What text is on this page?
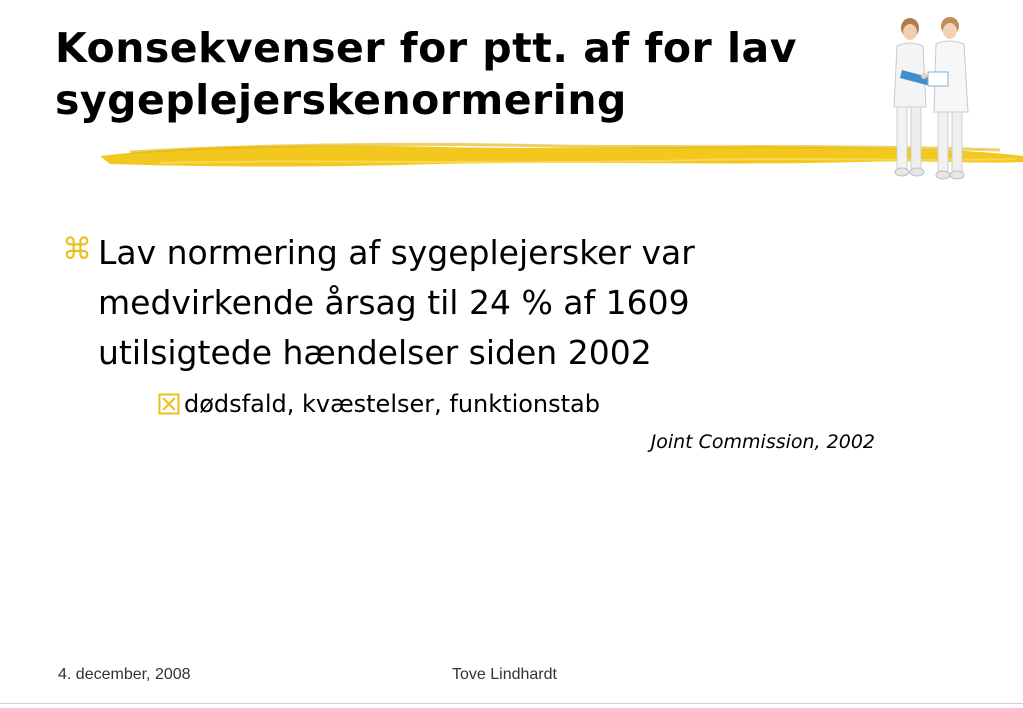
Konsekvenser for ptt. af for lav
sygeplejerskenormering
⌘ Lav normering af sygeplejersker var medvirkende årsag til 24 % af 1609 utilsigtede hændelser siden 2002
dødsfald, kvæstelser, funktionstab
Joint Commission, 2002
4. december, 2008	Tove Lindhardt
